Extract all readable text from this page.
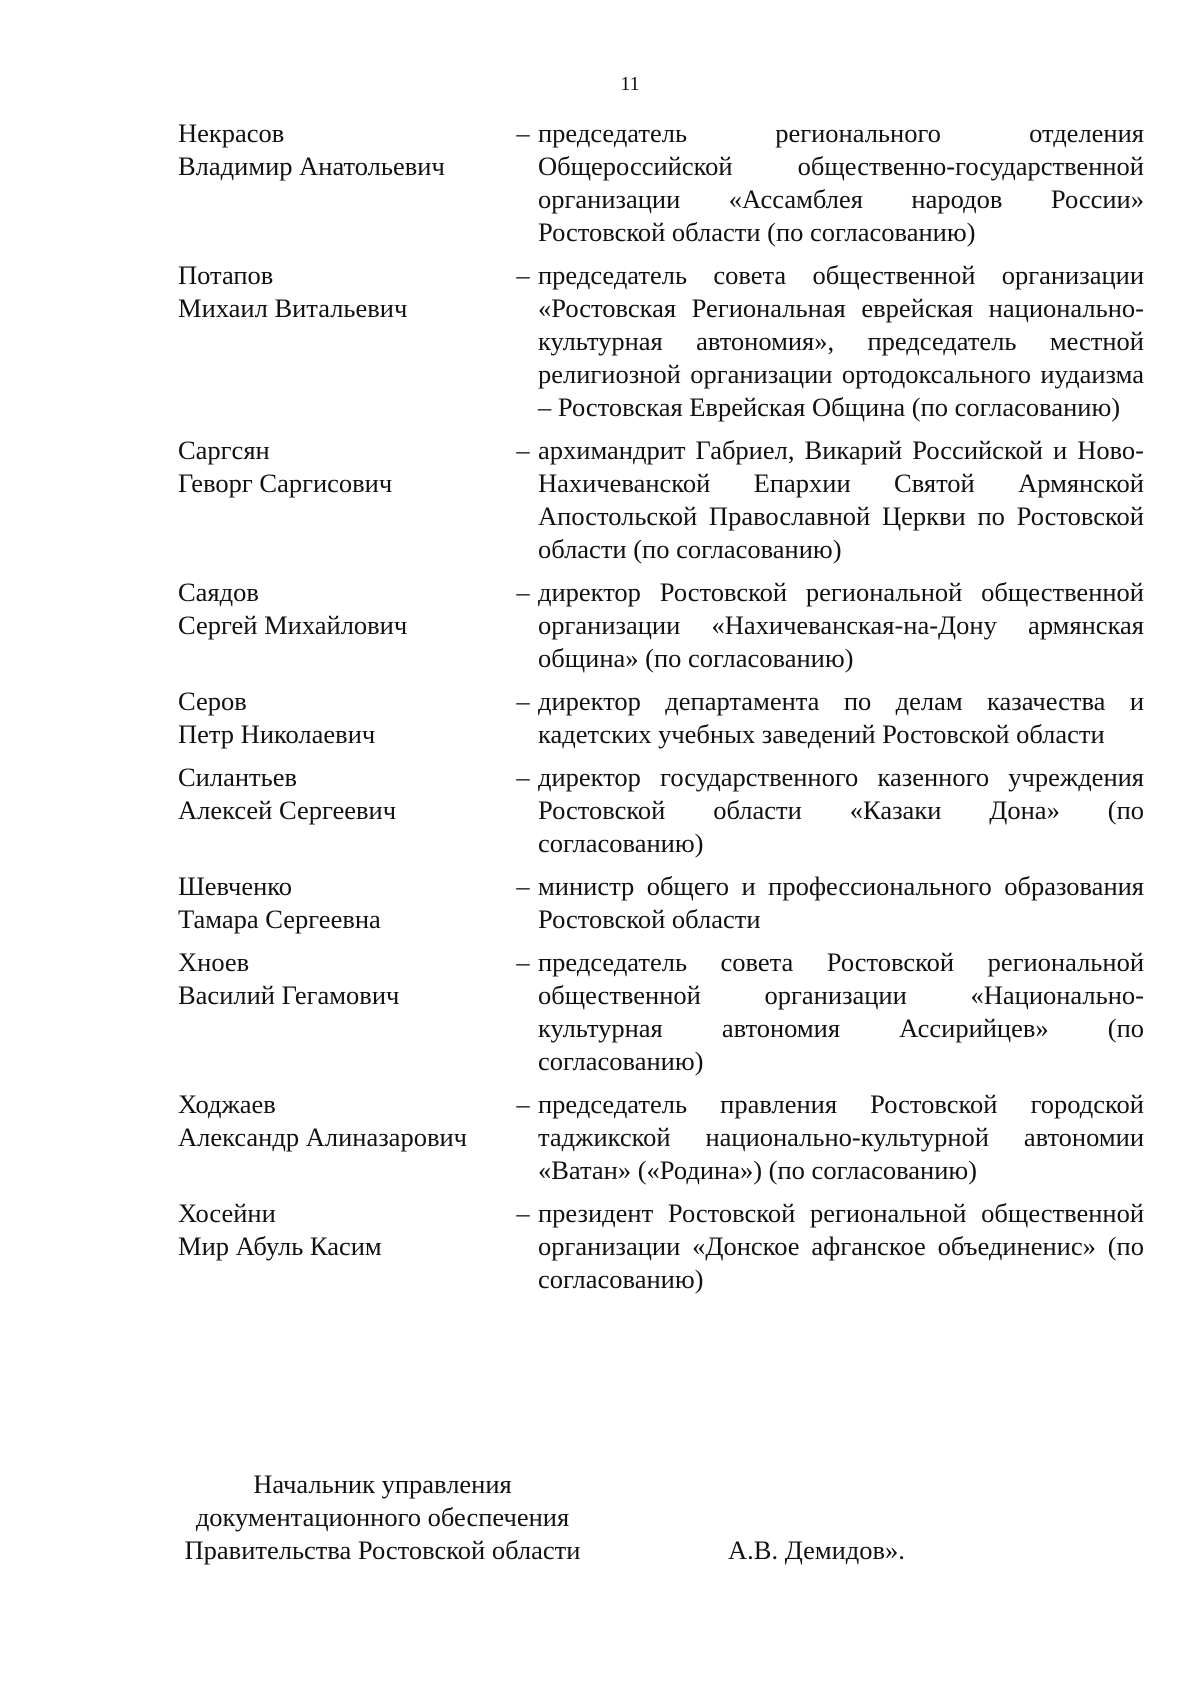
11
Некрасов
Владимир Анатольевич
– председатель регионального отделения Общероссийской общественно-государственной организации «Ассамблея народов России» Ростовской области (по согласованию)
Потапов
Михаил Витальевич
– председатель совета общественной организации «Ростовская Региональная еврейская национально-культурная автономия», председатель местной религиозной организации ортодоксального иудаизма – Ростовская Еврейская Община (по согласованию)
Саргсян
Геворг Саргисович
– архимандрит Габриел, Викарий Российской и Ново-Нахичеванской Епархии Святой Армянской Апостольской Православной Церкви по Ростовской области (по согласованию)
Саядов
Сергей Михайлович
– директор Ростовской региональной общественной организации «Нахичеванская-на-Дону армянская община» (по согласованию)
Серов
Петр Николаевич
– директор департамента по делам казачества и кадетских учебных заведений Ростовской области
Силантьев
Алексей Сергеевич
– директор государственного казенного учреждения Ростовской области «Казаки Дона» (по согласованию)
Шевченко
Тамара Сергеевна
– министр общего и профессионального образования Ростовской области
Хноев
Василий Гегамович
– председатель совета Ростовской региональной общественной организации «Национально-культурная автономия Ассирийцев» (по согласованию)
Ходжаев
Александр Алиназарович
– председатель правления Ростовской городской таджикской национально-культурной автономии «Ватан» («Родина») (по согласованию)
Хосейни
Мир Абуль Касим
– президент Ростовской региональной общественной организации «Донское афганское объединенис» (по согласованию)
Начальник управления
документационного обеспечения
Правительства Ростовской области	А.В. Демидов».
